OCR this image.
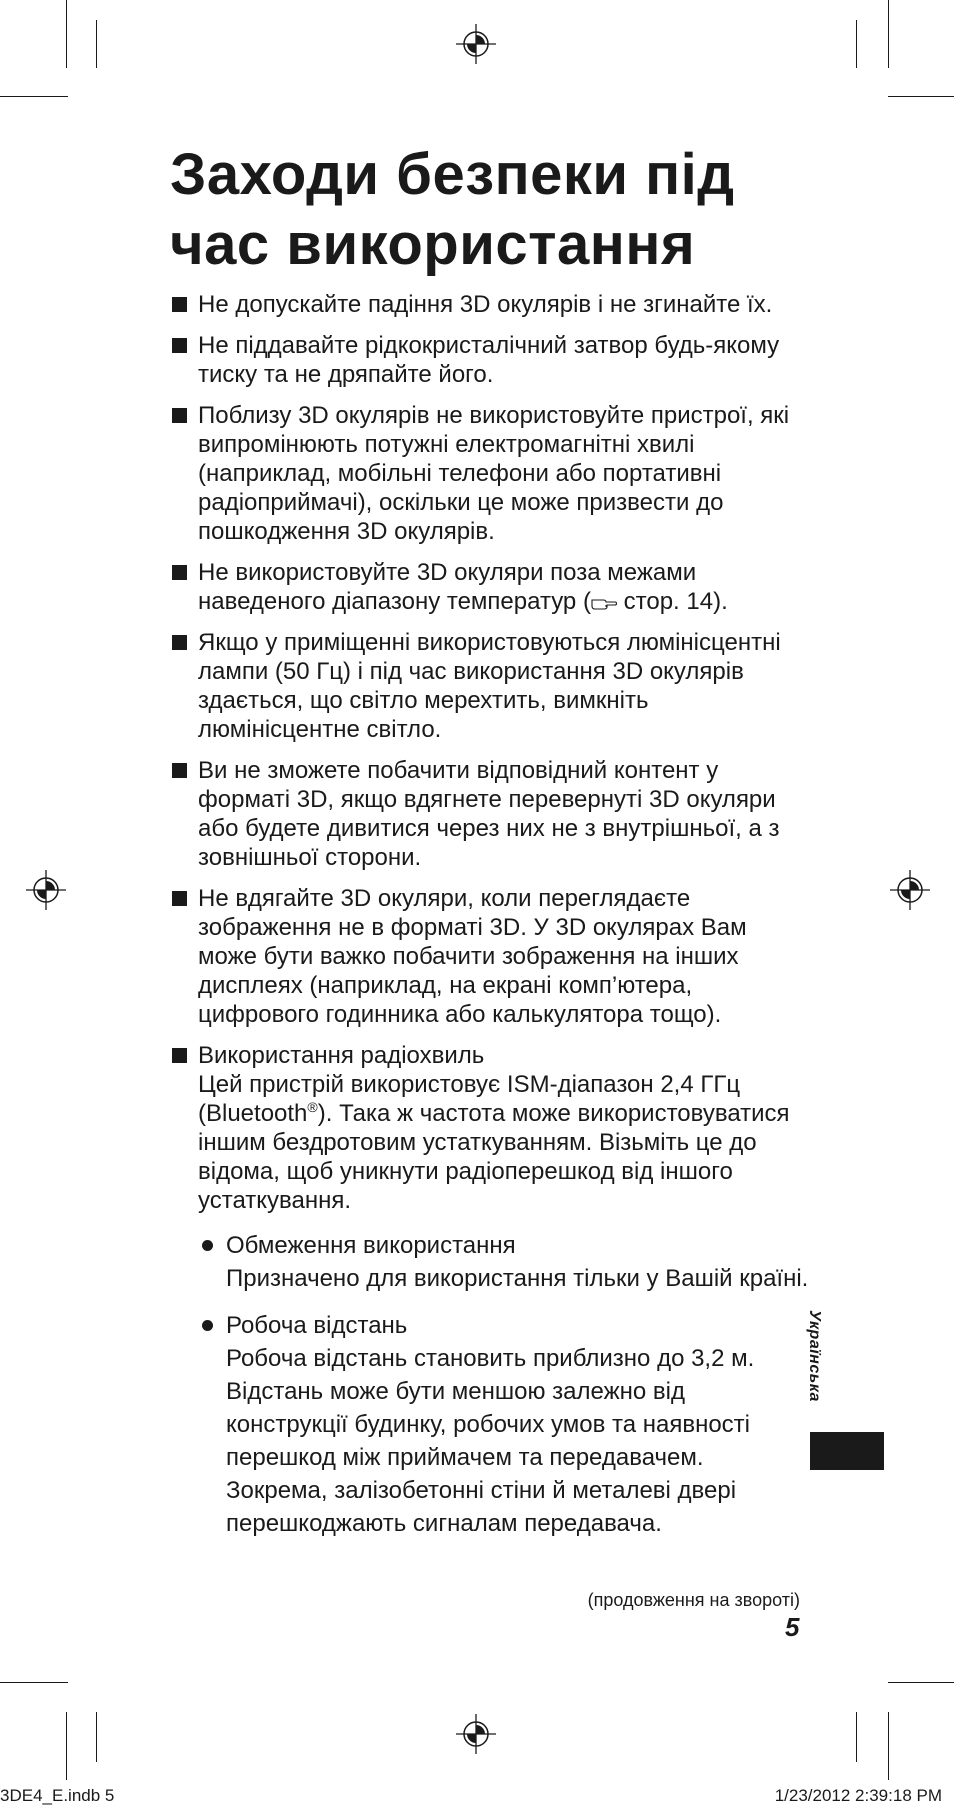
Заходи безпеки під
час використання
Не допускайте падіння 3D окулярів і не згинайте їх.
Не піддавайте рідкокристалічний затвор будь-якому тиску та не дряпайте його.
Поблизу 3D окулярів не використовуйте пристрої, які випромінюють потужні електромагнітні хвилі (наприклад, мобільні телефони або портативні радіоприймачі), оскільки це може призвести до пошкодження 3D окулярів.
Не використовуйте 3D окуляри поза межами наведеного діапазону температур ( стор. 14).
Якщо у приміщенні використовуються люмінісцентні лампи (50 Гц) і під час використання 3D окулярів здається, що світло мерехтить, вимкніть люмінісцентне світло.
Ви не зможете побачити відповідний контент у форматі 3D, якщо вдягнете перевернуті 3D окуляри або будете дивитися через них не з внутрішньої, а з зовнішньої сторони.
Не вдягайте 3D окуляри, коли переглядаєте зображення не в форматі 3D. У 3D окулярах Вам може бути важко побачити зображення на інших дисплеях (наприклад, на екрані комп’ютера, цифрового годинника або калькулятора тощо).
Використання радіохвиль
Цей пристрій використовує ISM-діапазон 2,4 ГГц (Bluetooth®). Така ж частота може використовуватися іншим бездротовим устаткуванням. Візьміть це до відома, щоб уникнути радіоперешкод від іншого устаткування.
Обмеження використання
Призначено для використання тільки у Вашій країні.
Робоча відстань
Робоча відстань становить приблизно до 3,2 м. Відстань може бути меншою залежно від конструкції будинку, робочих умов та наявності перешкод між приймачем та передавачем. Зокрема, залізобетонні стіни й металеві двері перешкоджають сигналам передавача.
(продовження на звороті)
5
Українська
3DE4_E.indb 5	1/23/2012 2:39:18 PM
